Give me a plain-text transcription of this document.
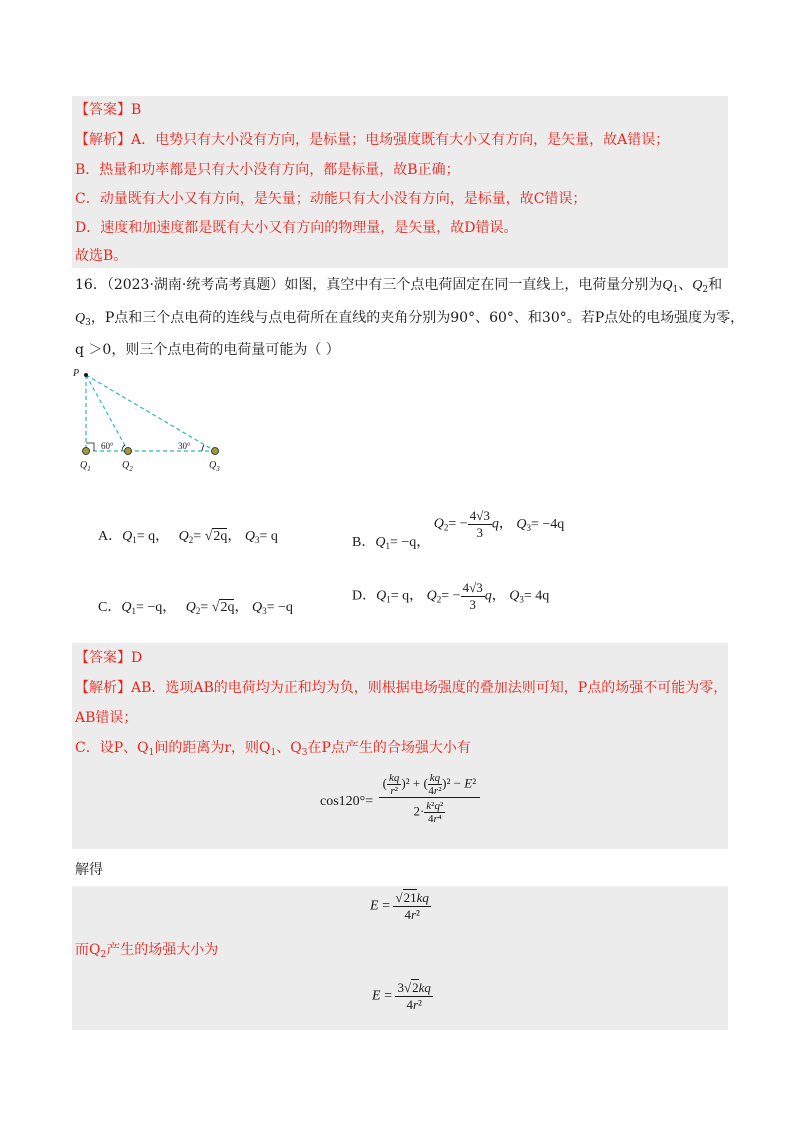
【答案】B
【解析】A．电势只有大小没有方向，是标量；电场强度既有大小又有方向，是矢量，故A错误；
B．热量和功率都是只有大小没有方向，都是标量，故B正确；
C．动量既有大小又有方向，是矢量；动能只有大小没有方向，是标量，故C错误；
D．速度和加速度都是既有大小又有方向的物理量，是矢量，故D错误。
故选B。
16．（2023·湖南·统考高考真题）如图，真空中有三个点电荷固定在同一直线上，电荷量分别为$Q_1$、$Q_2$和
$Q_3$，P点和三个点电荷的连线与点电荷所在直线的夹角分别为90°、60°、和30°。若P点处的电场强度为零，
q ＞0，则三个点电荷的电荷量可能为（ ）
P
60°	30°
$Q_1$	$Q_2$	$Q_3$
A．$Q_1= q$， $Q_2= √2q$， $Q_3= q$	B．$Q_1= -q$， $Q_2= - \frac{4√3}{3}$ q， $Q_3= -4q$
C．$Q_1= -q$， $Q_2= √2q$， $Q_3= -q$
D．$Q_1= q$， $Q_2= - \frac{4√3}{3}$ q， $Q_3= 4q$
【答案】D
【解析】AB．选项AB的电荷均为正和均为负，则根据电场强度的叠加法则可知，P点的场强不可能为零，
AB错误；
C．设P、$Q_1$间的距离为r，则$Q_1$、$Q_3$在P点产生的合场强大小有
cos120°=
( $\frac{kq}{\text{r²}} )^2$ + ( $\frac{kq}{\text{4r²}} )^2 - E^2$
$2\cdot \frac{\text{k²q²}}{\text{4r⁴}}$
解得
$E = \frac{√21kq}{\text{4r²}}$
而$Q_2$产生的场强大小为
$E = \frac{3√2kq}{\text{4r²}}$
